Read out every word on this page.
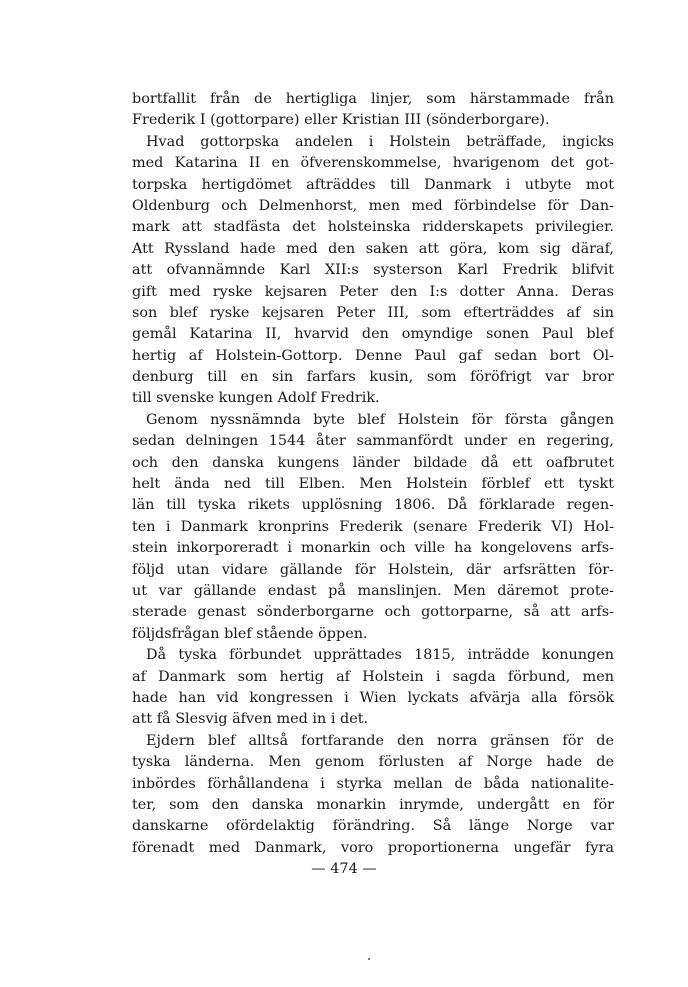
bortfallit från de hertigliga linjer, som härstammade från
Frederik I (gottorpare) eller Kristian III (sönderborgare).
Hvad gottorpska andelen i Holstein beträffade, ingicks
med Katarina II en öfverenskommelse, hvarigenom det got-
torpska hertigdömet afträddes till Danmark i utbyte mot
Oldenburg och Delmenhorst, men med förbindelse för Dan-
mark att stadfästa det holsteinska ridderskapets privilegier.
Att Ryssland hade med den saken att göra, kom sig däraf,
att ofvannämnde Karl XII:s systerson Karl Fredrik blifvit
gift med ryske kejsaren Peter den I:s dotter Anna. Deras
son blef ryske kejsaren Peter III, som efterträddes af sin
gemål Katarina II, hvarvid den omyndige sonen Paul blef
hertig af Holstein-Gottorp. Denne Paul gaf sedan bort Ol-
denburg till en sin farfars kusin, som föröfrigt var bror
till svenske kungen Adolf Fredrik.
Genom nyssnämnda byte blef Holstein för första gången
sedan delningen 1544 åter sammanfördt under en regering,
och den danska kungens länder bildade då ett oafbrutet
helt ända ned till Elben. Men Holstein förblef ett tyskt
län till tyska rikets upplösning 1806. Då förklarade regen-
ten i Danmark kronprins Frederik (senare Frederik VI) Hol-
stein inkorporeradt i monarkin och ville ha kongelovens arfs-
följd utan vidare gällande för Holstein, där arfsrätten för-
ut var gällande endast på manslinjen. Men däremot prote-
sterade genast sönderborgarne och gottorparne, så att arfs-
följdsfrågan blef stående öppen.
Då tyska förbundet upprättades 1815, inträdde konungen
af Danmark som hertig af Holstein i sagda förbund, men
hade han vid kongressen i Wien lyckats afvärja alla försök
att få Slesvig äfven med in i det.
Ejdern blef alltså fortfarande den norra gränsen för de
tyska länderna. Men genom förlusten af Norge hade de
inbördes förhållandena i styrka mellan de båda nationalite-
ter, som den danska monarkin inrymde, undergått en för
danskarne ofördelaktig förändring. Så länge Norge var
förenadt med Danmark, voro proportionerna ungefär fyra
— 474 —
